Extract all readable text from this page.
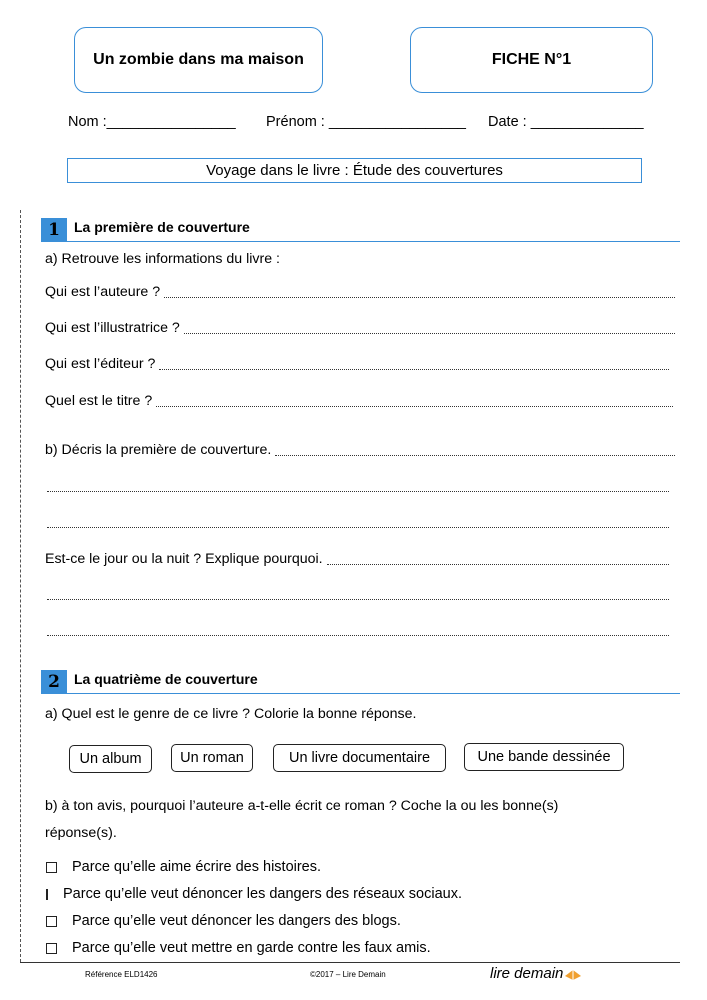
Un zombie dans ma maison	FICHE N°1
Nom :________________ Prénom : _________________ Date : ______________
Voyage dans le livre : Étude des couvertures
1	La première de couverture
a) Retrouve les informations du livre :
Qui est l’auteure ?
Qui est l’illustratrice ?
Qui est l’éditeur ?
Quel est le titre ?
b) Décris la première de couverture.
Est-ce le jour ou la nuit ? Explique pourquoi.
2	La quatrième de couverture
a) Quel est le genre de ce livre ? Colorie la bonne réponse.
Un album	Un roman	Un livre documentaire	Une bande dessinée
b) à ton avis, pourquoi l’auteure a-t-elle écrit ce roman ? Coche la ou les bonne(s)
réponse(s).
Parce qu’elle aime écrire des histoires.
Parce qu’elle veut dénoncer les dangers des réseaux sociaux.
Parce qu’elle veut dénoncer les dangers des blogs.
Parce qu’elle veut mettre en garde contre les faux amis.
Référence ELD1426	©2017 – Lire Demain	lire demain
